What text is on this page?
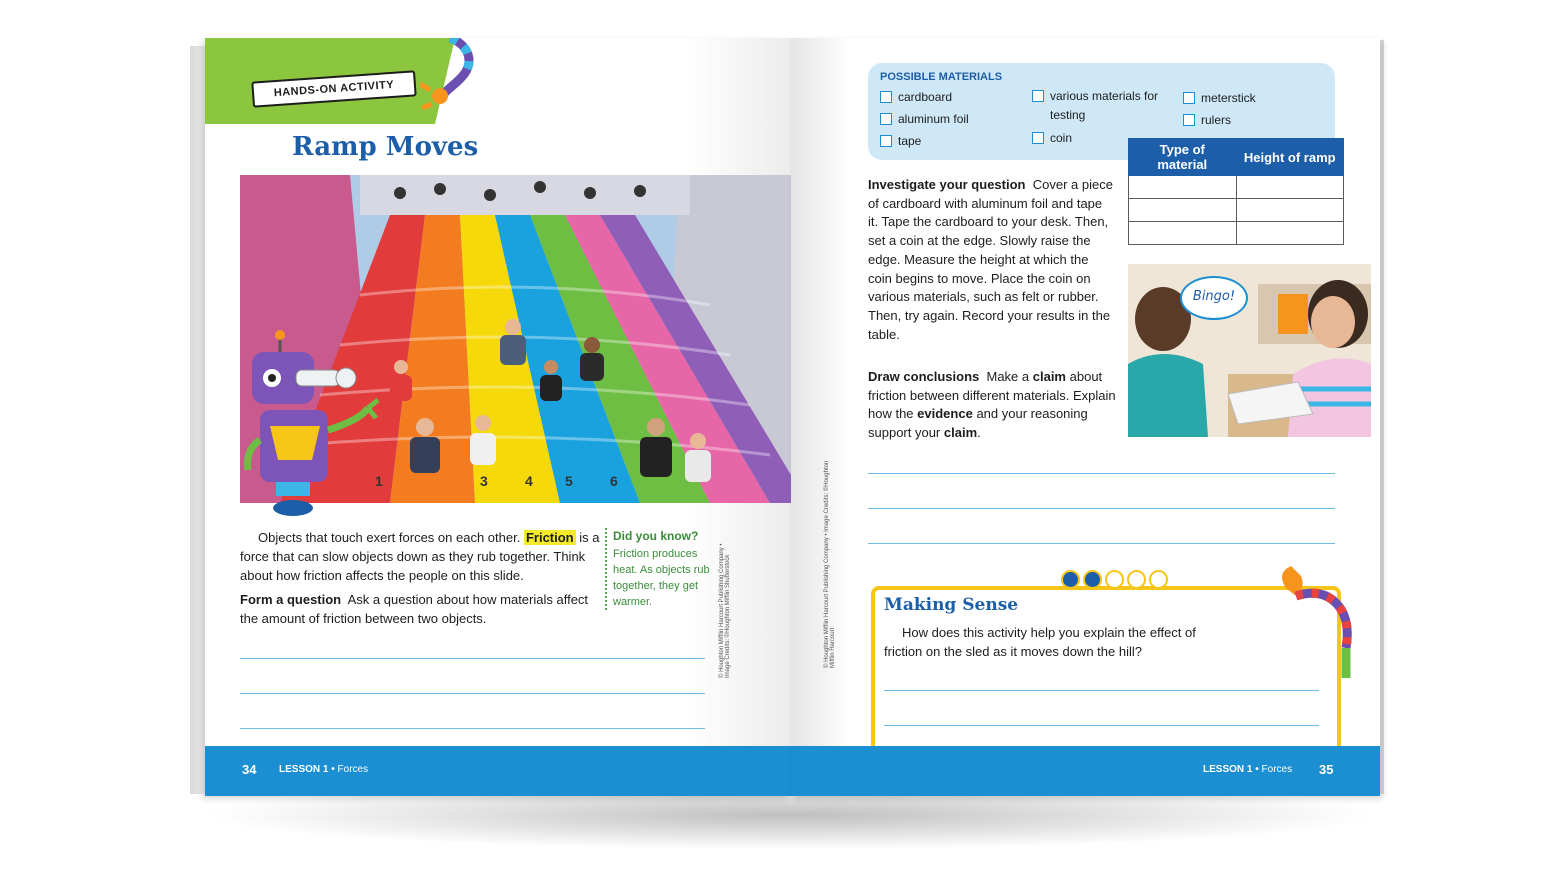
HANDS-ON ACTIVITY
Ramp Moves
1	3	4 5	6
Objects that touch exert forces on each other. Friction is a force that can slow objects down as they rub together. Think about how friction affects the people on this slide.
Form a question Ask a question about how materials affect the amount of friction between two objects.
Did you know?
Friction produces heat. As objects rub together, they get warmer.	© Houghton Mifflin Harcourt Publishing Company • Image Credits: ©Houghton Mifflin Shutterstock
34 LESSON 1 • Forces
POSSIBLE MATERIALS
cardboard
aluminum foil
tape
various materials for testing
coin
meterstick
rulers
Type of material	Height of ramp

Investigate your question Cover a piece of cardboard with aluminum foil and tape it. Tape the cardboard to your desk. Then, set a coin at the edge. Slowly raise the edge. Measure the height at which the coin begins to move. Place the coin on various materials, such as felt or rubber. Then, try again. Record your results in the table.
Draw conclusions Make a claim about friction between different materials. Explain how the evidence and your reasoning support your claim.
Bingo!
© Houghton Mifflin Harcourt Publishing Company • Image Credits: ©Houghton Mifflin Harcourt
Making Sense
How does this activity help you explain the effect of friction on the sled as it moves down the hill?
LESSON 1 • Forces 35
